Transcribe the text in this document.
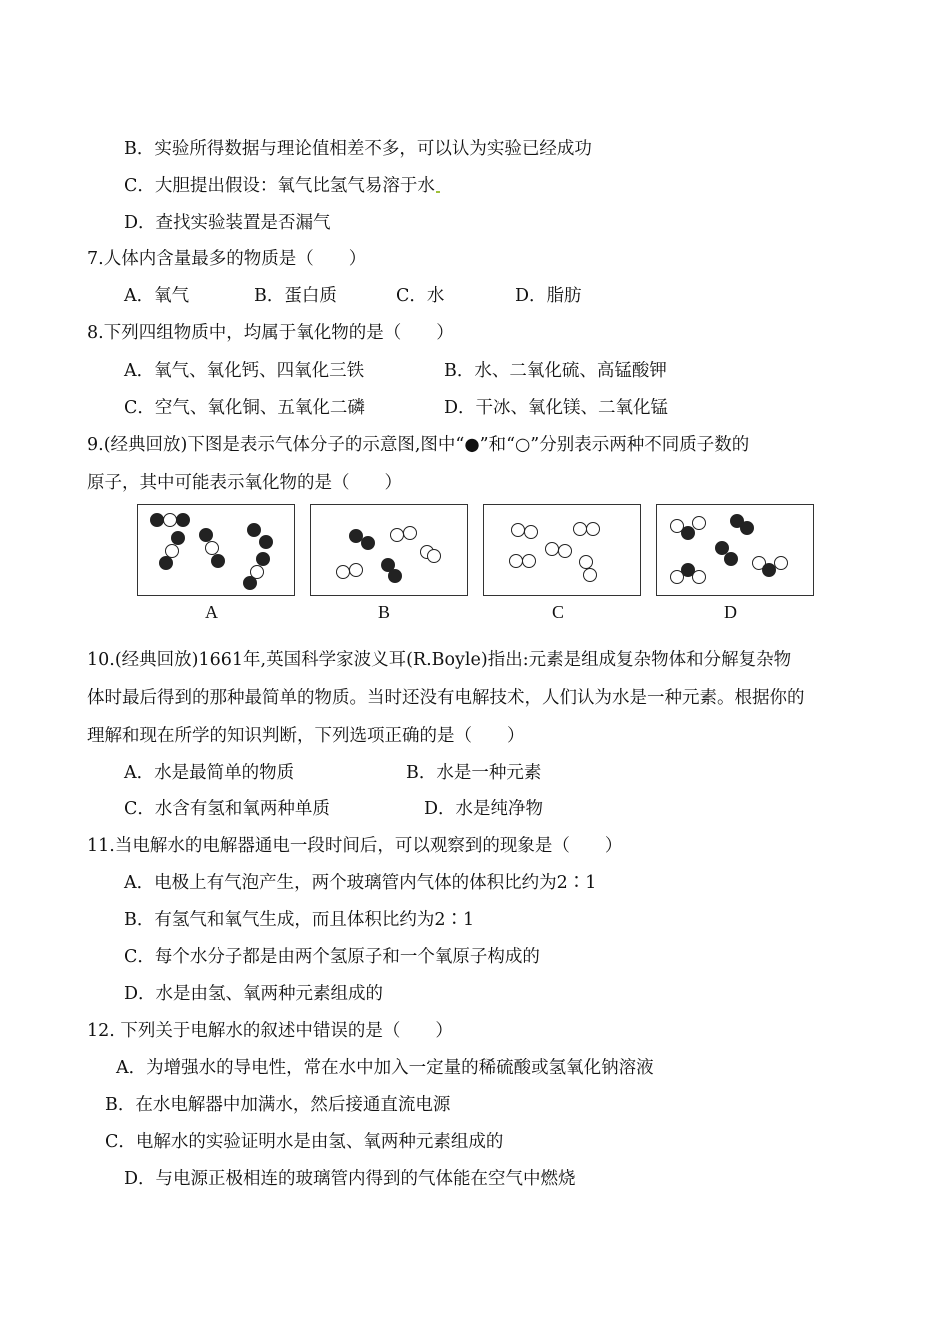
B．实验所得数据与理论值相差不多，可以认为实验已经成功
C．大胆提出假设：氧气比氢气易溶于水
D．查找实验装置是否漏气
7.人体内含量最多的物质是（　　）
A．氧气	B．蛋白质	C．水	D．脂肪
8.下列四组物质中，均属于氧化物的是（　　）
A．氧气、氧化钙、四氧化三铁	B．水、二氧化硫、高锰酸钾
C．空气、氧化铜、五氧化二磷	D．干冰、氧化镁、二氧化锰
9.(经典回放)下图是表示气体分子的示意图,图中“●”和“○”分别表示两种不同质子数的
原子，其中可能表示氧化物的是（　　）
A	B	C	D
10.(经典回放)1661年,英国科学家波义耳(R.Boyle)指出:元素是组成复杂物体和分解复杂物
体时最后得到的那种最简单的物质。当时还没有电解技术，人们认为水是一种元素。根据你的
理解和现在所学的知识判断，下列选项正确的是（　　）
A．水是最简单的物质	B．水是一种元素
C．水含有氢和氧两种单质	D．水是纯净物
11.当电解水的电解器通电一段时间后，可以观察到的现象是（　　）
A．电极上有气泡产生，两个玻璃管内气体的体积比约为2∶1
B．有氢气和氧气生成，而且体积比约为2∶1
C．每个水分子都是由两个氢原子和一个氧原子构成的
D．水是由氢、氧两种元素组成的
12. 下列关于电解水的叙述中错误的是（　　）
A．为增强水的导电性，常在水中加入一定量的稀硫酸或氢氧化钠溶液
B．在水电解器中加满水，然后接通直流电源
C．电解水的实验证明水是由氢、氧两种元素组成的
D．与电源正极相连的玻璃管内得到的气体能在空气中燃烧
